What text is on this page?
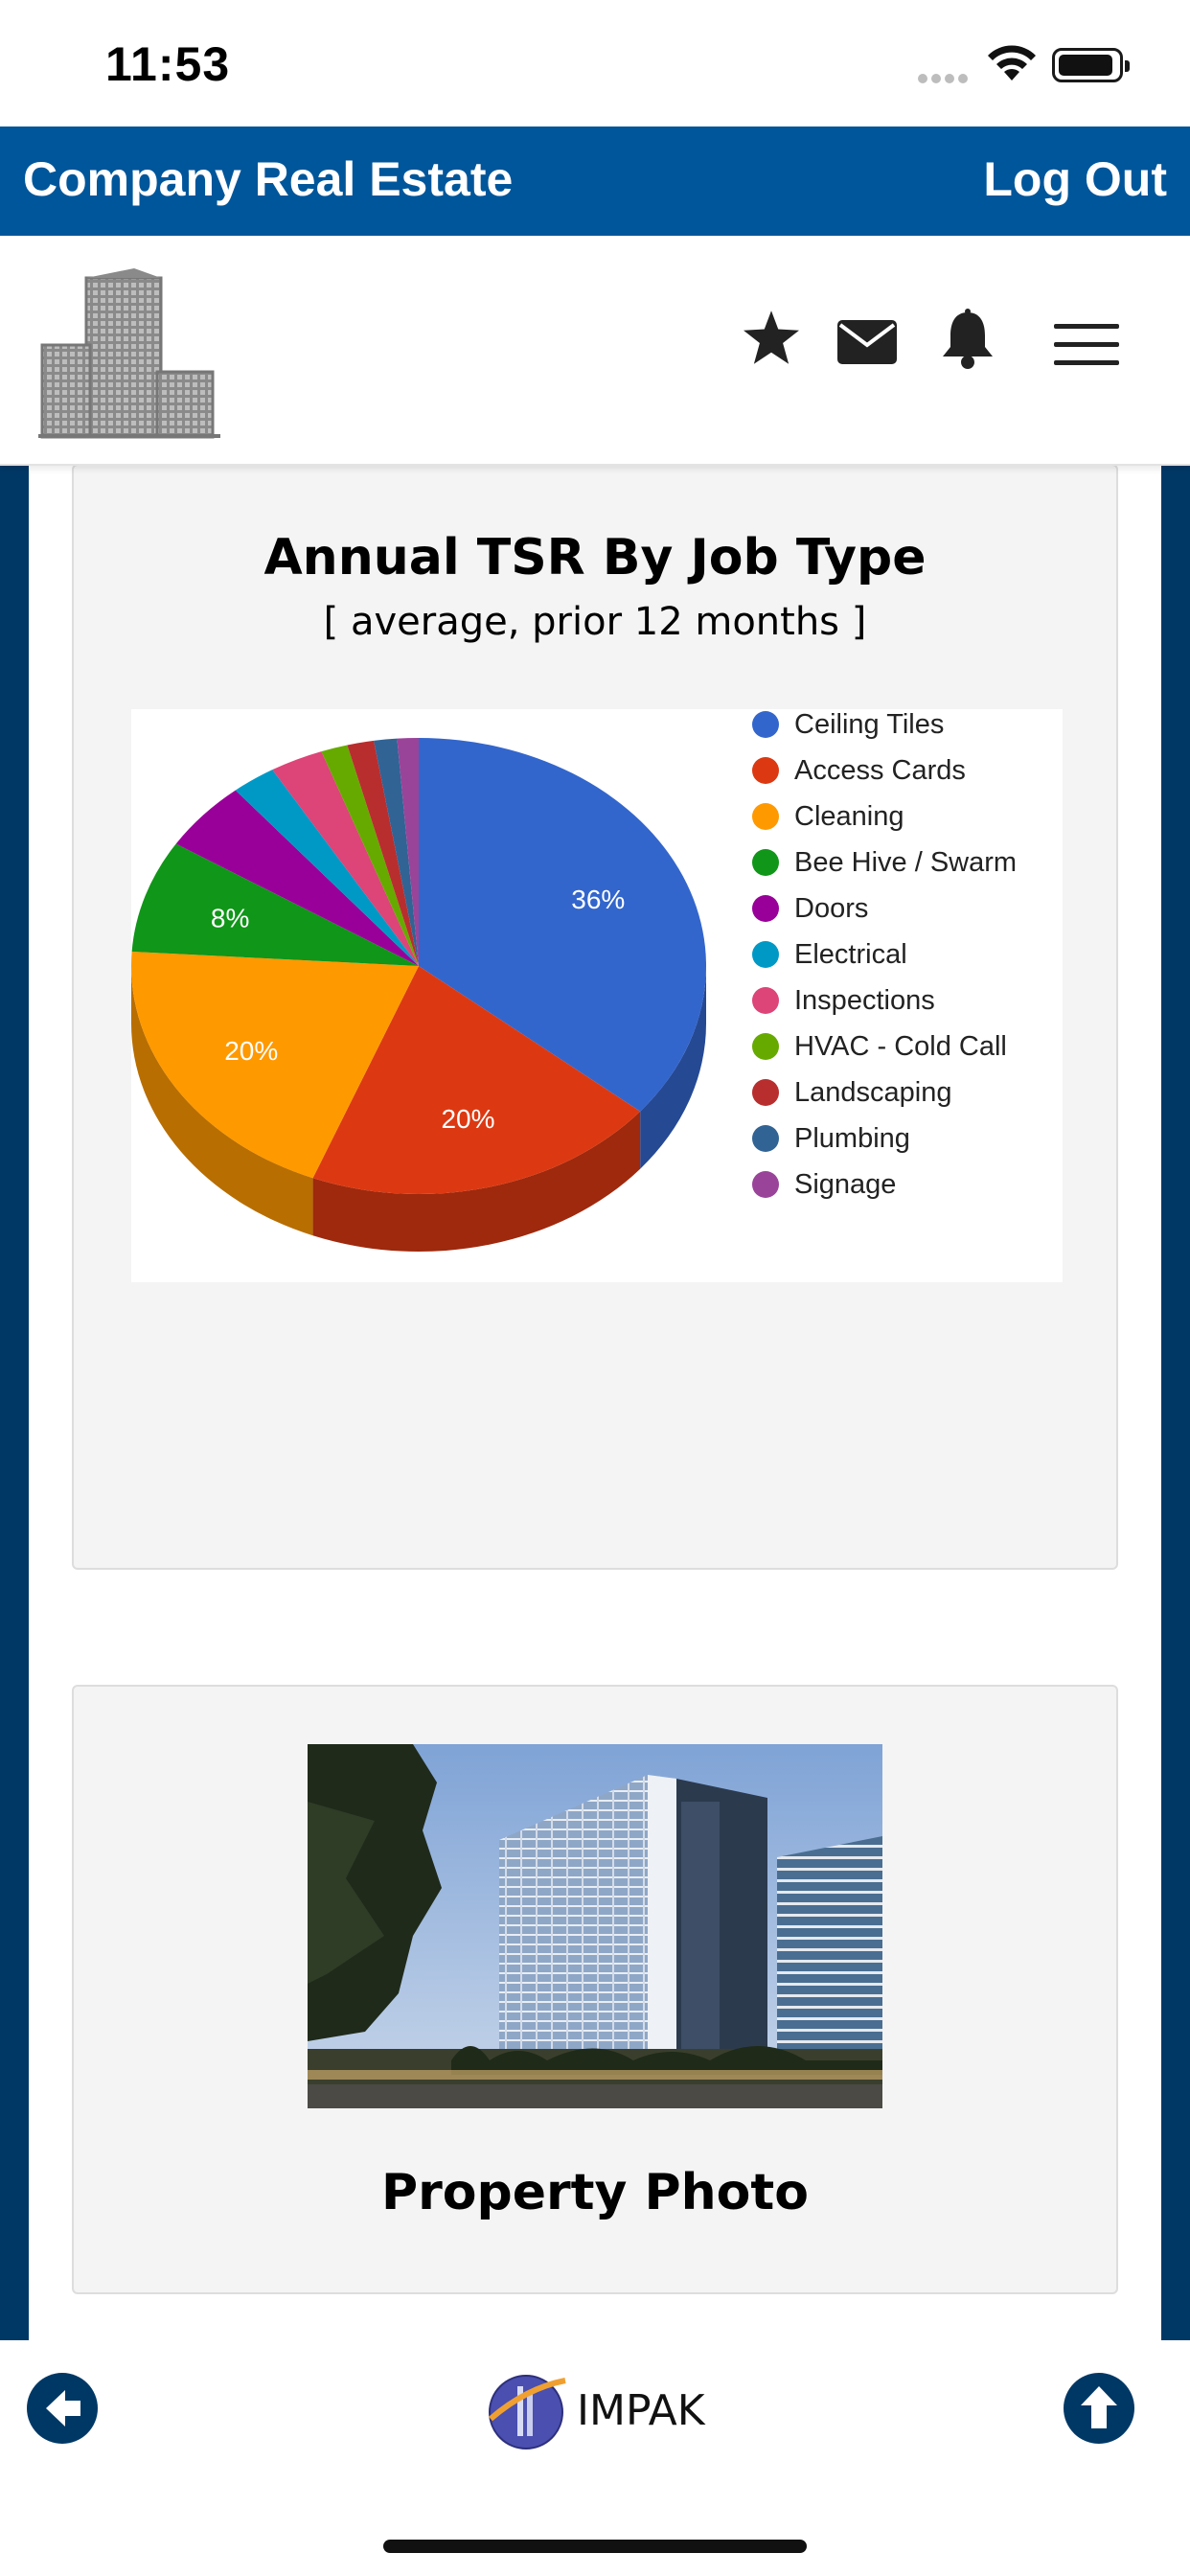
11:53
Company Real Estate	Log Out
Annual TSR By Job Type
[ average, prior 12 months ]
36%
20%
20%
8%
Ceiling Tiles
Access Cards
Cleaning
Bee Hive / Swarm
Doors
Electrical
Inspections
HVAC - Cold Call
Landscaping
Plumbing
Signage
Property Photo
IMPAK
